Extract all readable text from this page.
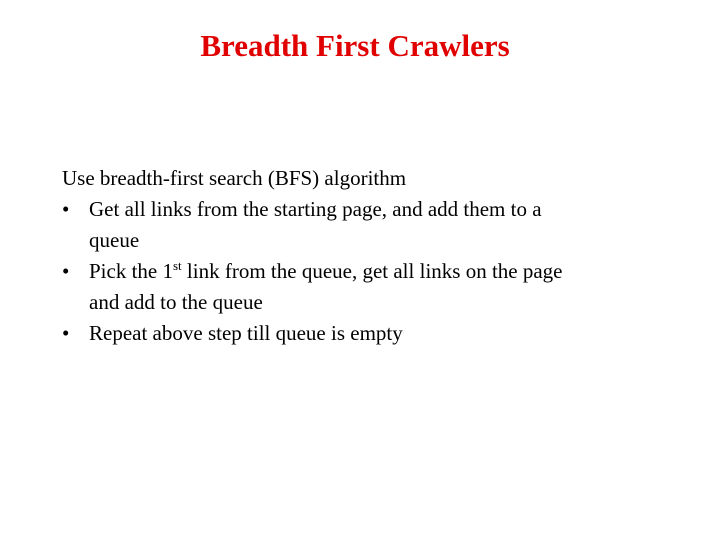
Breadth First Crawlers

Use breadth-first search (BFS) algorithm

• Get all links from the starting page, and add them to a
queue
• Pick the 1st link from the queue, get all links on the page
and add to the queue
• Repeat above step till queue is empty
